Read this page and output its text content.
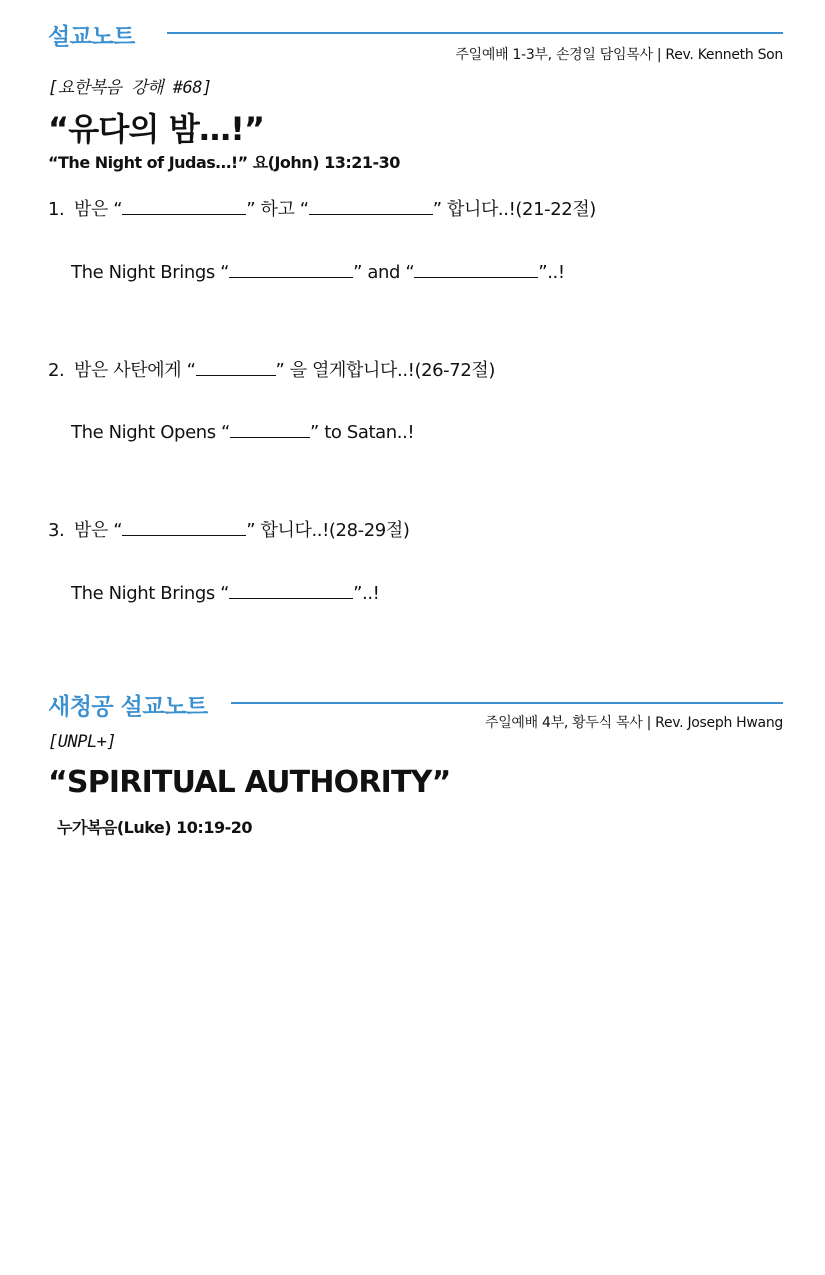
설교노트
주일예배 1-3부, 손경일 담임목사 | Rev. Kenneth Son
[요한복음 강해 #68]
“유다의 밤…!”
“The Night of Judas…!” 요(John) 13:21-30
1. 밤은 “	” 하고 “	” 합니다..!(21-22절)
The Night Brings “	” and “	”..!
2. 밤은 사탄에게 “	” 을 열게합니다..!(26-72절)
The Night Opens “	” to Satan..!
3. 밤은 “	” 합니다..!(28-29절)
The Night Brings “	”..!
새청공 설교노트
주일예배 4부, 황두식 목사 | Rev. Joseph Hwang
[UNPL+]
“SPIRITUAL AUTHORITY”
누가복음(Luke) 10:19-20
